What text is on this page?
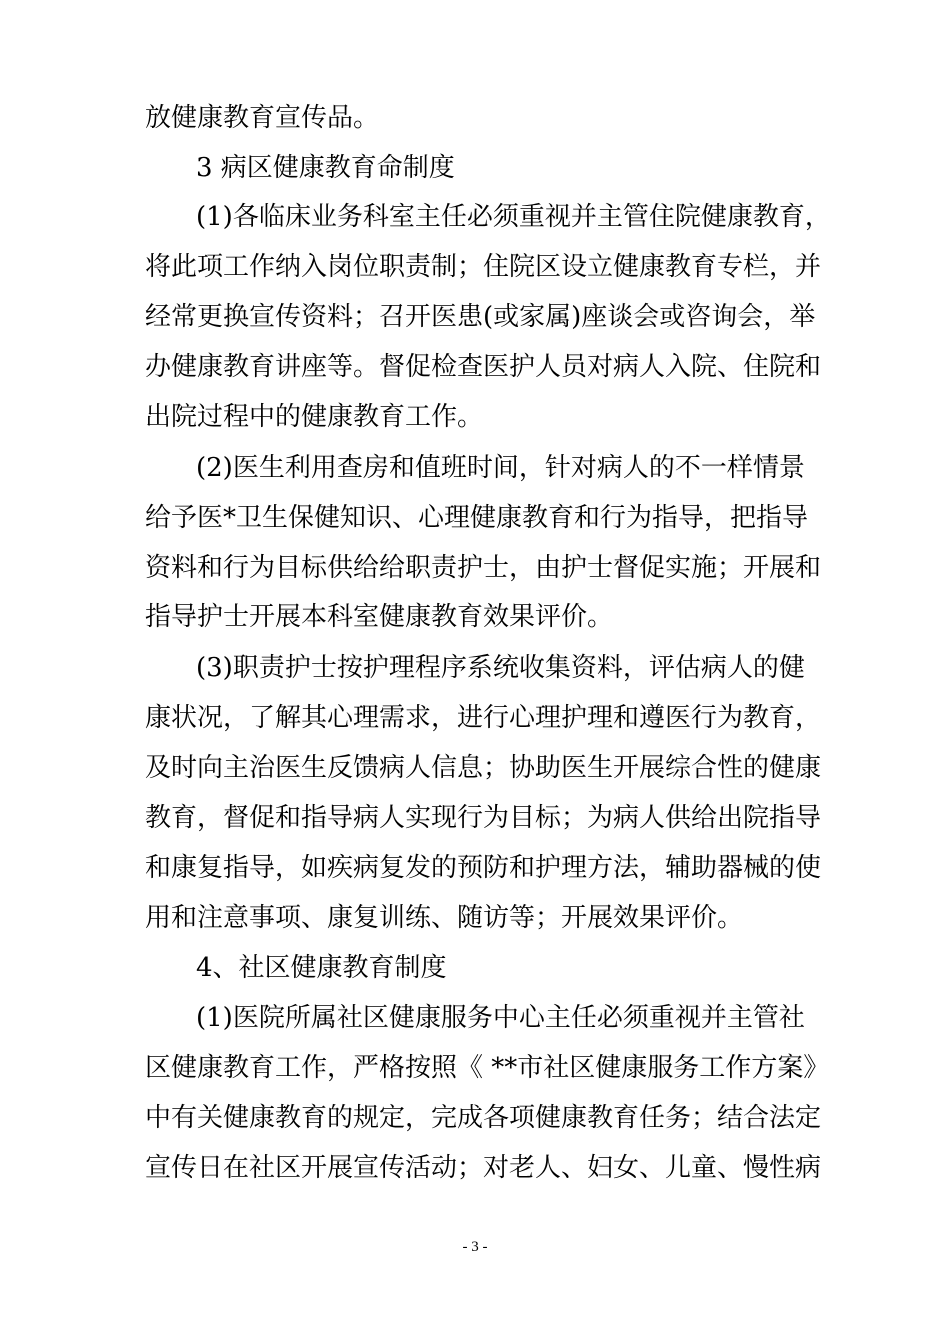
放健康教育宣传品。
3 病区健康教育命制度
(1)各临床业务科室主任必须重视并主管住院健康教育，
将此项工作纳入岗位职责制；住院区设立健康教育专栏，并
经常更换宣传资料；召开医患(或家属)座谈会或咨询会，举
办健康教育讲座等。督促检查医护人员对病人入院、住院和
出院过程中的健康教育工作。
(2)医生利用查房和值班时间，针对病人的不一样情景
给予医*卫生保健知识、心理健康教育和行为指导，把指导
资料和行为目标供给给职责护士，由护士督促实施；开展和
指导护士开展本科室健康教育效果评价。
(3)职责护士按护理程序系统收集资料，评估病人的健
康状况，了解其心理需求，进行心理护理和遵医行为教育，
及时向主治医生反馈病人信息；协助医生开展综合性的健康
教育，督促和指导病人实现行为目标；为病人供给出院指导
和康复指导，如疾病复发的预防和护理方法，辅助器械的使
用和注意事项、康复训练、随访等；开展效果评价。
4、社区健康教育制度
(1)医院所属社区健康服务中心主任必须重视并主管社
区健康教育工作，严格按照《 **市社区健康服务工作方案》
中有关健康教育的规定，完成各项健康教育任务；结合法定
宣传日在社区开展宣传活动；对老人、妇女、儿童、慢性病
- 3 -
